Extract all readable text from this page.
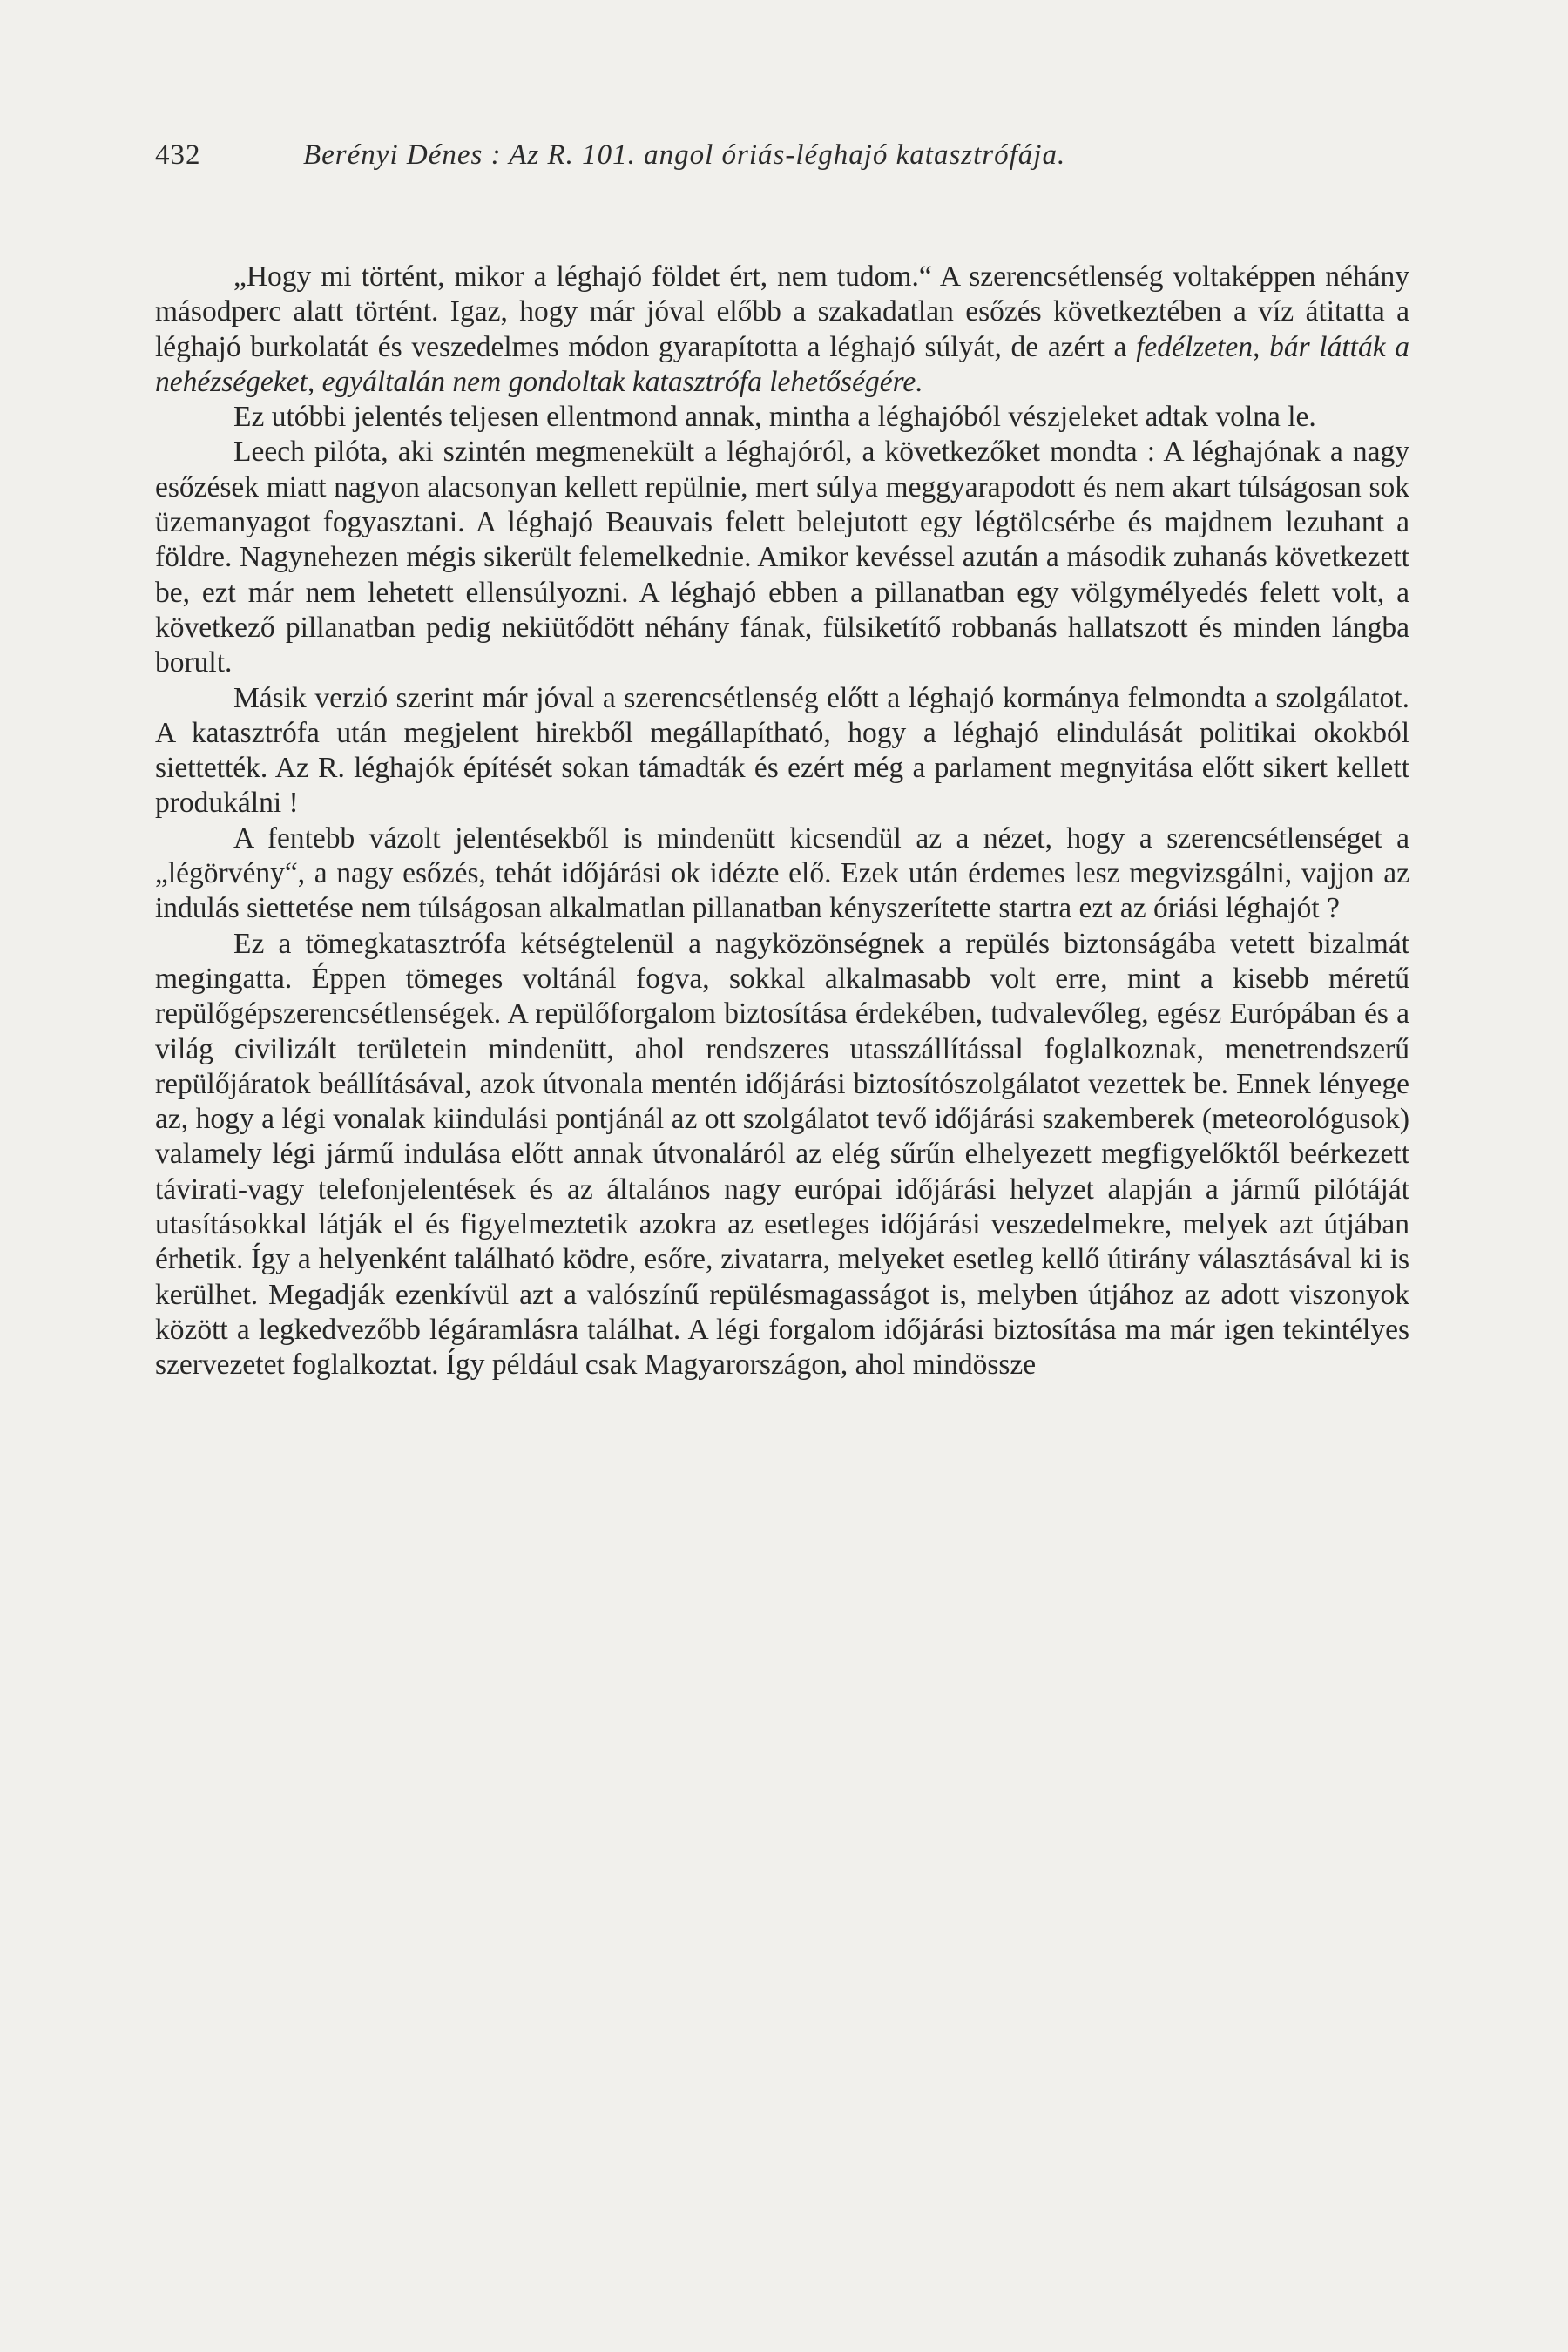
432	Berényi Dénes : Az R. 101. angol óriás-léghajó katasztrófája.

„Hogy mi történt, mikor a léghajó földet ért, nem tudom.“ A szerencsétlenség voltaképpen néhány másodperc alatt történt. Igaz, hogy már jóval előbb a szakadatlan esőzés következtében a víz átitatta a léghajó burkolatát és veszedelmes módon gyarapította a léghajó súlyát, de azért a fedélzeten, bár látták a nehézségeket, egyáltalán nem gondoltak katasztrófa lehetőségére.

Ez utóbbi jelentés teljesen ellentmond annak, mintha a léghajóból vészjeleket adtak volna le.

Leech pilóta, aki szintén megmenekült a léghajóról, a következőket mondta : A léghajónak a nagy esőzések miatt nagyon alacsonyan kellett repülnie, mert súlya meggyarapodott és nem akart túlságosan sok üzemanyagot fogyasztani. A léghajó Beauvais felett belejutott egy légtölcsérbe és majdnem lezuhant a földre. Nagynehezen mégis sikerült felemelkednie. Amikor kevéssel azután a második zuhanás következett be, ezt már nem lehetett ellensúlyozni. A léghajó ebben a pillanatban egy völgymélyedés felett volt, a következő pillanatban pedig nekiütődött néhány fának, fülsiketítő robbanás hallatszott és minden lángba borult.

Másik verzió szerint már jóval a szerencsétlenség előtt a léghajó kormánya felmondta a szolgálatot. A katasztrófa után megjelent hirekből megállapítható, hogy a léghajó elindulását politikai okokból siettették. Az R. léghajók építését sokan támadták és ezért még a parlament megnyitása előtt sikert kellett produkálni !

A fentebb vázolt jelentésekből is mindenütt kicsendül az a nézet, hogy a szerencsétlenséget a „légörvény“, a nagy esőzés, tehát időjárási ok idézte elő. Ezek után érdemes lesz megvizsgálni, vajjon az indulás siettetése nem túlságosan alkalmatlan pillanatban kényszerítette startra ezt az óriási léghajót ?

Ez a tömegkatasztrófa kétségtelenül a nagyközönségnek a repülés biztonságába vetett bizalmát megingatta. Éppen tömeges voltánál fogva, sokkal alkalmasabb volt erre, mint a kisebb méretű repülőgépszerencsétlenségek. A repülőforgalom biztosítása érdekében, tudvalevőleg, egész Európában és a világ civilizált területein mindenütt, ahol rendszeres utasszállítással foglalkoznak, menetrendszerű repülőjáratok beállításával, azok útvonala mentén időjárási biztosítószolgálatot vezettek be. Ennek lényege az, hogy a légi vonalak kiindulási pontjánál az ott szolgálatot tevő időjárási szakemberek (meteorológusok) valamely légi jármű indulása előtt annak útvonaláról az elég sűrűn elhelyezett megfigyelőktől beérkezett távirati-vagy telefonjelentések és az általános nagy európai időjárási helyzet alapján a jármű pilótáját utasításokkal látják el és figyelmeztetik azokra az esetleges időjárási veszedelmekre, melyek azt útjában érhetik. Így a helyenként található ködre, esőre, zivatarra, melyeket esetleg kellő útirány választásával ki is kerülhet. Megadják ezenkívül azt a valószínű repülésmagasságot is, melyben útjához az adott viszonyok között a legkedvezőbb légáramlásra találhat. A légi forgalom időjárási biztosítása ma már igen tekintélyes szervezetet foglalkoztat. Így például csak Magyarországon, ahol mindössze
